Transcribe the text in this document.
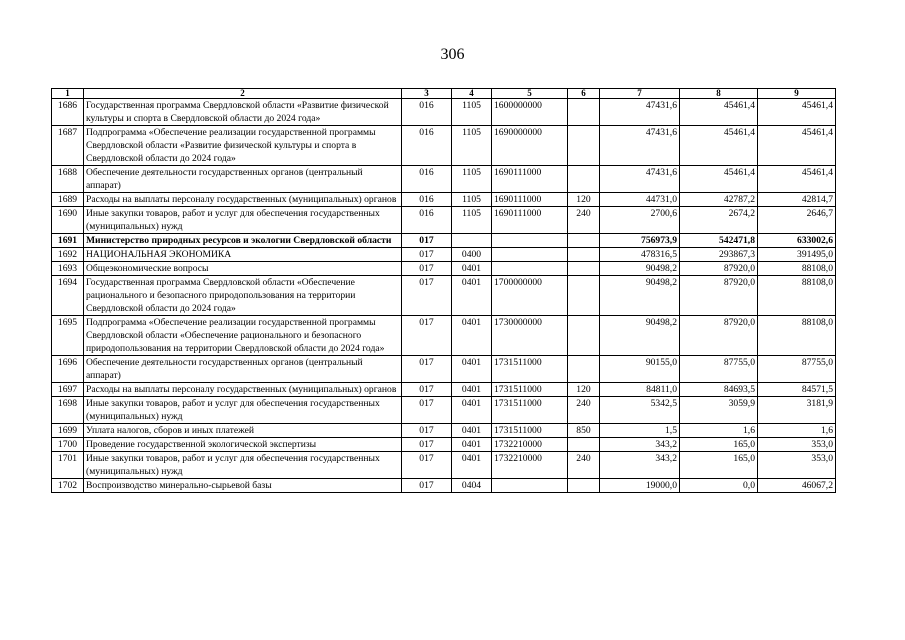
306
1	2	3	4	5	6	7	8	9
1686	Государственная программа Свердловской области «Развитие физической культуры и спорта в Свердловской области до 2024 года»	016	1105	1600000000		47431,6	45461,4	45461,4
1687	Подпрограмма «Обеспечение реализации государственной программы Свердловской области «Развитие физической культуры и спорта в Свердловской области до 2024 года»	016	1105	1690000000		47431,6	45461,4	45461,4
1688	Обеспечение деятельности государственных органов (центральный аппарат)	016	1105	1690111000		47431,6	45461,4	45461,4
1689	Расходы на выплаты персоналу государственных (муниципальных) органов	016	1105	1690111000	120	44731,0	42787,2	42814,7
1690	Иные закупки товаров, работ и услуг для обеспечения государственных (муниципальных) нужд	016	1105	1690111000	240	2700,6	2674,2	2646,7
1691	Министерство природных ресурсов и экологии Свердловской области	017				756973,9	542471,8	633002,6
1692	НАЦИОНАЛЬНАЯ ЭКОНОМИКА	017	0400			478316,5	293867,3	391495,0
1693	Общеэкономические вопросы	017	0401			90498,2	87920,0	88108,0
1694	Государственная программа Свердловской области «Обеспечение рационального и безопасного природопользования на территории Свердловской области до 2024 года»	017	0401	1700000000		90498,2	87920,0	88108,0
1695	Подпрограмма «Обеспечение реализации государственной программы Свердловской области «Обеспечение рационального и безопасного природопользования на территории Свердловской области до 2024 года»	017	0401	1730000000		90498,2	87920,0	88108,0
1696	Обеспечение деятельности государственных органов (центральный аппарат)	017	0401	1731511000		90155,0	87755,0	87755,0
1697	Расходы на выплаты персоналу государственных (муниципальных) органов	017	0401	1731511000	120	84811,0	84693,5	84571,5
1698	Иные закупки товаров, работ и услуг для обеспечения государственных (муниципальных) нужд	017	0401	1731511000	240	5342,5	3059,9	3181,9
1699	Уплата налогов, сборов и иных платежей	017	0401	1731511000	850	1,5	1,6	1,6
1700	Проведение государственной экологической экспертизы	017	0401	1732210000		343,2	165,0	353,0
1701	Иные закупки товаров, работ и услуг для обеспечения государственных (муниципальных) нужд	017	0401	1732210000	240	343,2	165,0	353,0
1702	Воспроизводство минерально-сырьевой базы	017	0404			19000,0	0,0	46067,2
